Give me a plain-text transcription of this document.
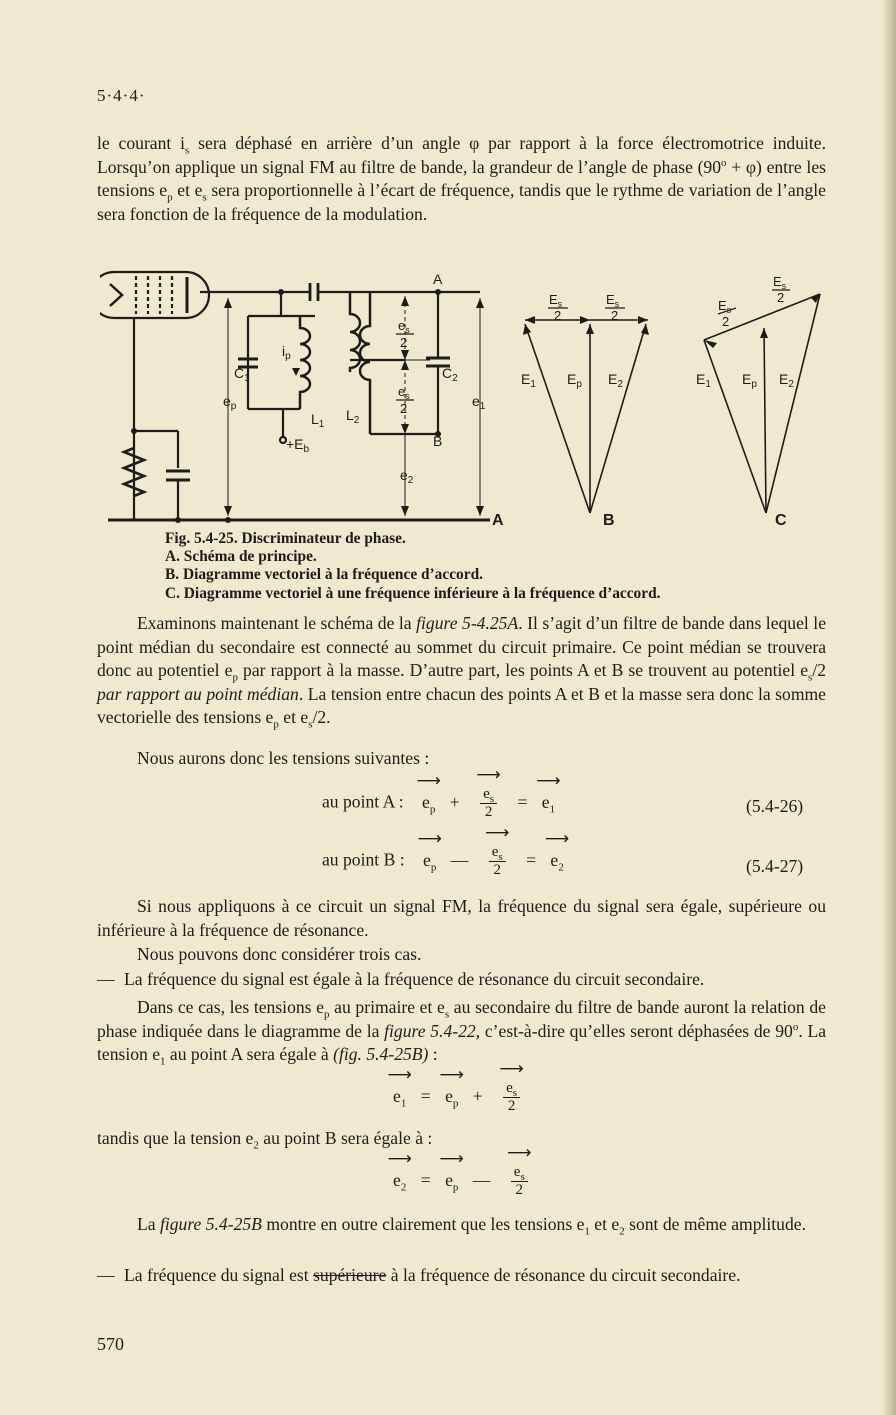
5·4·4·

le courant $i_s$ sera déphasé en arrière d’un angle φ par rapport à la force électromotrice induite. Lorsqu’on applique un signal FM au filtre de bande, la grandeur de l’angle de phase $(90^o + \varphi)$ entre les tensions $e_p$ et $e_s$ sera proportionnelle à l’écart de fréquence, tandis que le rythme de variation de l’angle sera fonction de la fréquence de la modulation.

A
A
B
B	C
$C_1$	$C_2$
$L_1$
$L_2$
$i_p$
$e_p$	$e_1$
$e_2$
$e_s$
2
$e_s$
2
$+E_b$
$E_s$
2
$E_s$
2
$E_s$
2
$E_s$
2
$E_1$ $E_p$ $E_2$	$E_1$ $E_p$ $E_2$
Fig. 5.4-25. Discriminateur de phase.
A. Schéma de principe.
B. Diagramme vectoriel à la fréquence d’accord.
C. Diagramme vectoriel à une fréquence inférieure à la fréquence d’accord.

Examinons maintenant le schéma de la figure 5-4.25A. Il s’agit d’un filtre de bande dans lequel le point médian du secondaire est connecté au sommet du circuit primaire. Ce point médian se trouvera donc au potentiel $e_p$ par rapport à la masse. D’autre part, les points A et B se trouvent au potentiel $e_s/2$ par rapport au point médian. La tension entre chacun des points A et B et la masse sera donc la somme vectorielle des tensions $e_p$ et $e_s/2$.

Nous aurons donc les tensions suivantes :

au point A :
⟶
$e_p$ + ⟶
$e_s$
2 =
⟶
$e_1$	(5.4-26)
au point B :
⟶
$e_p$ — ⟶
$e_s$
2 =
⟶
$e_2$	(5.4-27)

Si nous appliquons à ce circuit un signal FM, la fréquence du signal sera égale, supérieure ou inférieure à la fréquence de résonance.

Nous pouvons donc considérer trois cas.

— La fréquence du signal est égale à la fréquence de résonance du circuit secondaire.

Dans ce cas, les tensions $e_p$ au primaire et $e_s$ au secondaire du filtre de bande auront la relation de phase indiquée dans le diagramme de la figure 5.4-22, c’est-à-dire qu’elles seront déphasées de 90$^o$. La tension $e_1$ au point A sera égale à (fig. 5.4-25B) :

⟶
$e_1$ =
⟶
$e_p$ + ⟶
$e_s$
2

tandis que la tension $e_2$ au point B sera égale à :

⟶
$e_2$ =
⟶
$e_p$ — ⟶
$e_s$
2

La figure 5.4-25B montre en outre clairement que les tensions $e_1$ et $e_2$ sont de même amplitude.

— La fréquence du signal est supérieure à la fréquence de résonance du circuit secondaire.
570
